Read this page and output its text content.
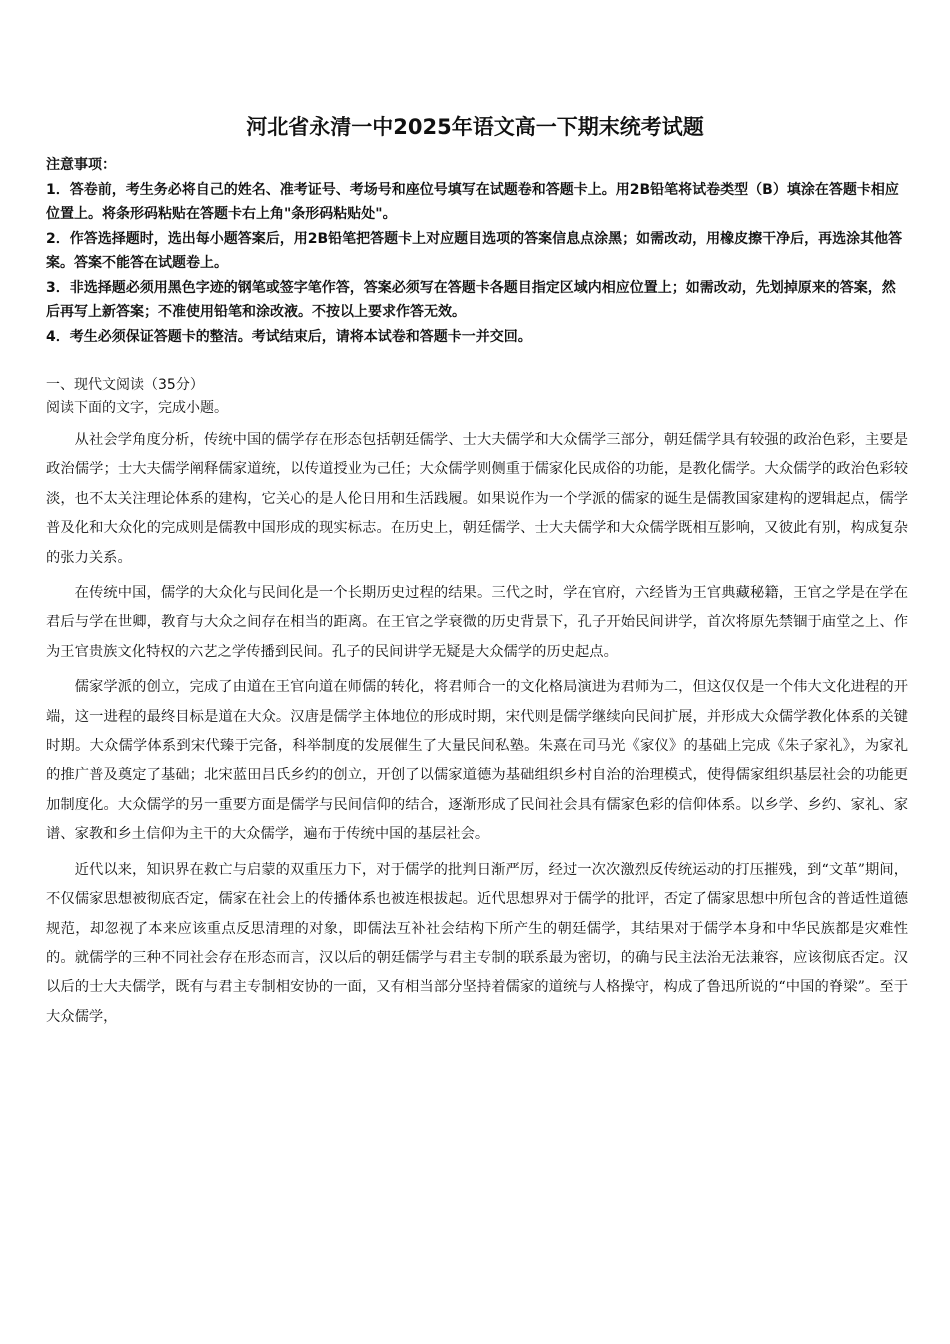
河北省永清一中2025年语文高一下期末统考试题

注意事项：

1．答卷前，考生务必将自己的姓名、准考证号、考场号和座位号填写在试题卷和答题卡上。用2B铅笔将试卷类型（B）填涂在答题卡相应位置上。将条形码粘贴在答题卡右上角"条形码粘贴处"。

2．作答选择题时，选出每小题答案后，用2B铅笔把答题卡上对应题目选项的答案信息点涂黑；如需改动，用橡皮擦干净后，再选涂其他答案。答案不能答在试题卷上。

3．非选择题必须用黑色字迹的钢笔或签字笔作答，答案必须写在答题卡各题目指定区域内相应位置上；如需改动，先划掉原来的答案，然后再写上新答案；不准使用铅笔和涂改液。不按以上要求作答无效。

4．考生必须保证答题卡的整洁。考试结束后，请将本试卷和答题卡一并交回。

一、现代文阅读（35分）

阅读下面的文字，完成小题。

从社会学角度分析，传统中国的儒学存在形态包括朝廷儒学、士大夫儒学和大众儒学三部分，朝廷儒学具有较强的政治色彩，主要是政治儒学；士大夫儒学阐释儒家道统，以传道授业为己任；大众儒学则侧重于儒家化民成俗的功能，是教化儒学。大众儒学的政治色彩较淡，也不太关注理论体系的建构，它关心的是人伦日用和生活践履。如果说作为一个学派的儒家的诞生是儒教国家建构的逻辑起点，儒学普及化和大众化的完成则是儒教中国形成的现实标志。在历史上，朝廷儒学、士大夫儒学和大众儒学既相互影响，又彼此有别，构成复杂的张力关系。

在传统中国，儒学的大众化与民间化是一个长期历史过程的结果。三代之时，学在官府，六经皆为王官典藏秘籍，王官之学是在学在君后与学在世卿，教育与大众之间存在相当的距离。在王官之学衰微的历史背景下，孔子开始民间讲学，首次将原先禁锢于庙堂之上、作为王官贵族文化特权的六艺之学传播到民间。孔子的民间讲学无疑是大众儒学的历史起点。

儒家学派的创立，完成了由道在王官向道在师儒的转化，将君师合一的文化格局演进为君师为二，但这仅仅是一个伟大文化进程的开端，这一进程的最终目标是道在大众。汉唐是儒学主体地位的形成时期，宋代则是儒学继续向民间扩展，并形成大众儒学教化体系的关键时期。大众儒学体系到宋代臻于完备，科举制度的发展催生了大量民间私塾。朱熹在司马光《家仪》的基础上完成《朱子家礼》，为家礼的推广普及奠定了基础；北宋蓝田吕氏乡约的创立，开创了以儒家道德为基础组织乡村自治的治理模式，使得儒家组织基层社会的功能更加制度化。大众儒学的另一重要方面是儒学与民间信仰的结合，逐渐形成了民间社会具有儒家色彩的信仰体系。以乡学、乡约、家礼、家谱、家教和乡土信仰为主干的大众儒学，遍布于传统中国的基层社会。

近代以来，知识界在救亡与启蒙的双重压力下，对于儒学的批判日渐严厉，经过一次次激烈反传统运动的打压摧残，到“文革”期间，不仅儒家思想被彻底否定，儒家在社会上的传播体系也被连根拔起。近代思想界对于儒学的批评，否定了儒家思想中所包含的普适性道德规范，却忽视了本来应该重点反思清理的对象，即儒法互补社会结构下所产生的朝廷儒学，其结果对于儒学本身和中华民族都是灾难性的。就儒学的三种不同社会存在形态而言，汉以后的朝廷儒学与君主专制的联系最为密切，的确与民主法治无法兼容，应该彻底否定。汉以后的士大夫儒学，既有与君主专制相安协的一面，又有相当部分坚持着儒家的道统与人格操守，构成了鲁迅所说的“中国的脊梁”。至于大众儒学，
